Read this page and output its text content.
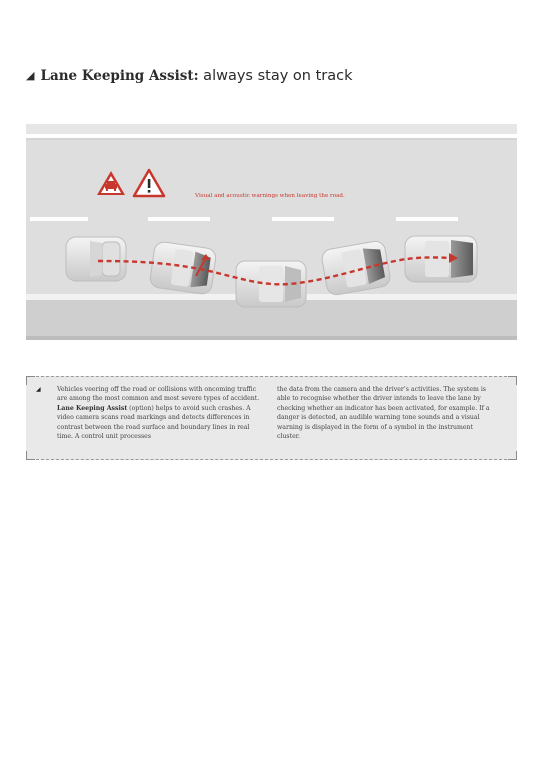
◢ Lane Keeping Assist: always stay on track
Visual and acoustic warnings when leaving the road.
◢	Vehicles veering off the road or collisions with oncoming traffic are among the most common and most severe types of accident. Lane Keeping Assist (option) helps to avoid such crashes. A video camera scans road markings and detects differences in contrast between the road surface and boundary lines in real time. A control unit processes
the data from the camera and the driver’s activities. The system is able to recognise whether the driver intends to leave the lane by checking whether an indicator has been activated, for example. If a danger is detected, an audible warning tone sounds and a visual warning is displayed in the form of a symbol in the instrument cluster.
